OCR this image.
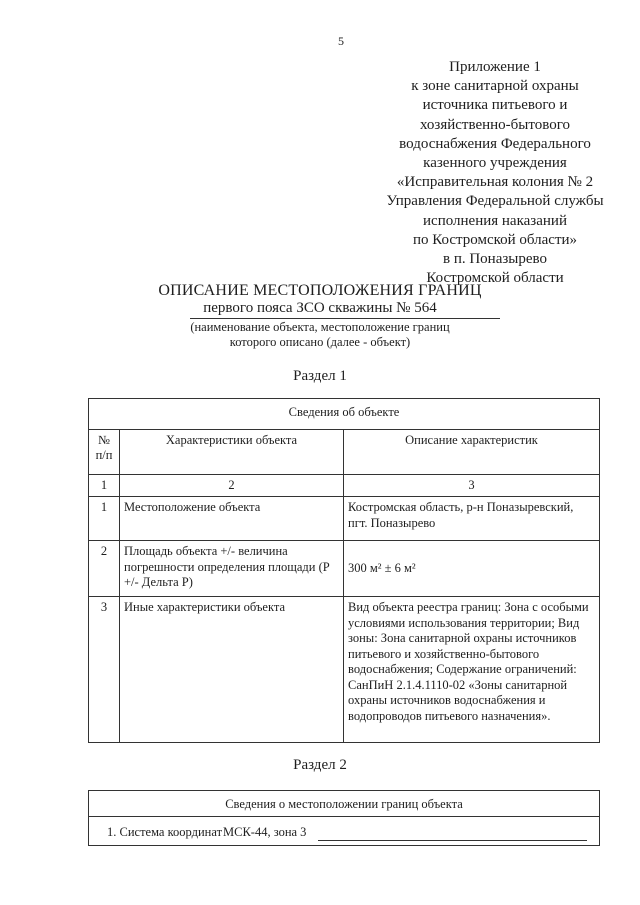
5
Приложение 1
к зоне санитарной охраны
источника питьевого и
хозяйственно-бытового
водоснабжения Федерального
казенного учреждения
«Исправительная колония № 2
Управления Федеральной службы
исполнения наказаний
по Костромской области»
в п. Поназырево
Костромской области
ОПИСАНИЕ МЕСТОПОЛОЖЕНИЯ ГРАНИЦ
первого пояса ЗСО скважины № 564
(наименование объекта, местоположение границ
которого описано (далее - объект)
Раздел 1
Сведения об объекте		
№ п/п	Характеристики объекта	Описание характеристик
1	2	3
1	Местоположение объекта	Костромская область, р-н Поназыревский, пгт. Поназырево
2	Площадь объекта +/- величина погрешности определения площади (P +/- Дельта P)	300 м² ± 6 м²
3	Иные характеристики объекта	Вид объекта реестра границ: Зона с особыми условиями использования территории; Вид зоны: Зона санитарной охраны источников питьевого и хозяйственно-бытового водоснабжения; Содержание ограничений: СанПиН 2.1.4.1110-02 «Зоны санитарной охраны источников водоснабжения и водопроводов питьевого назначения».
Раздел 2
Сведения о местоположении границ объекта

1. Система координат МСК-44, зона 3
